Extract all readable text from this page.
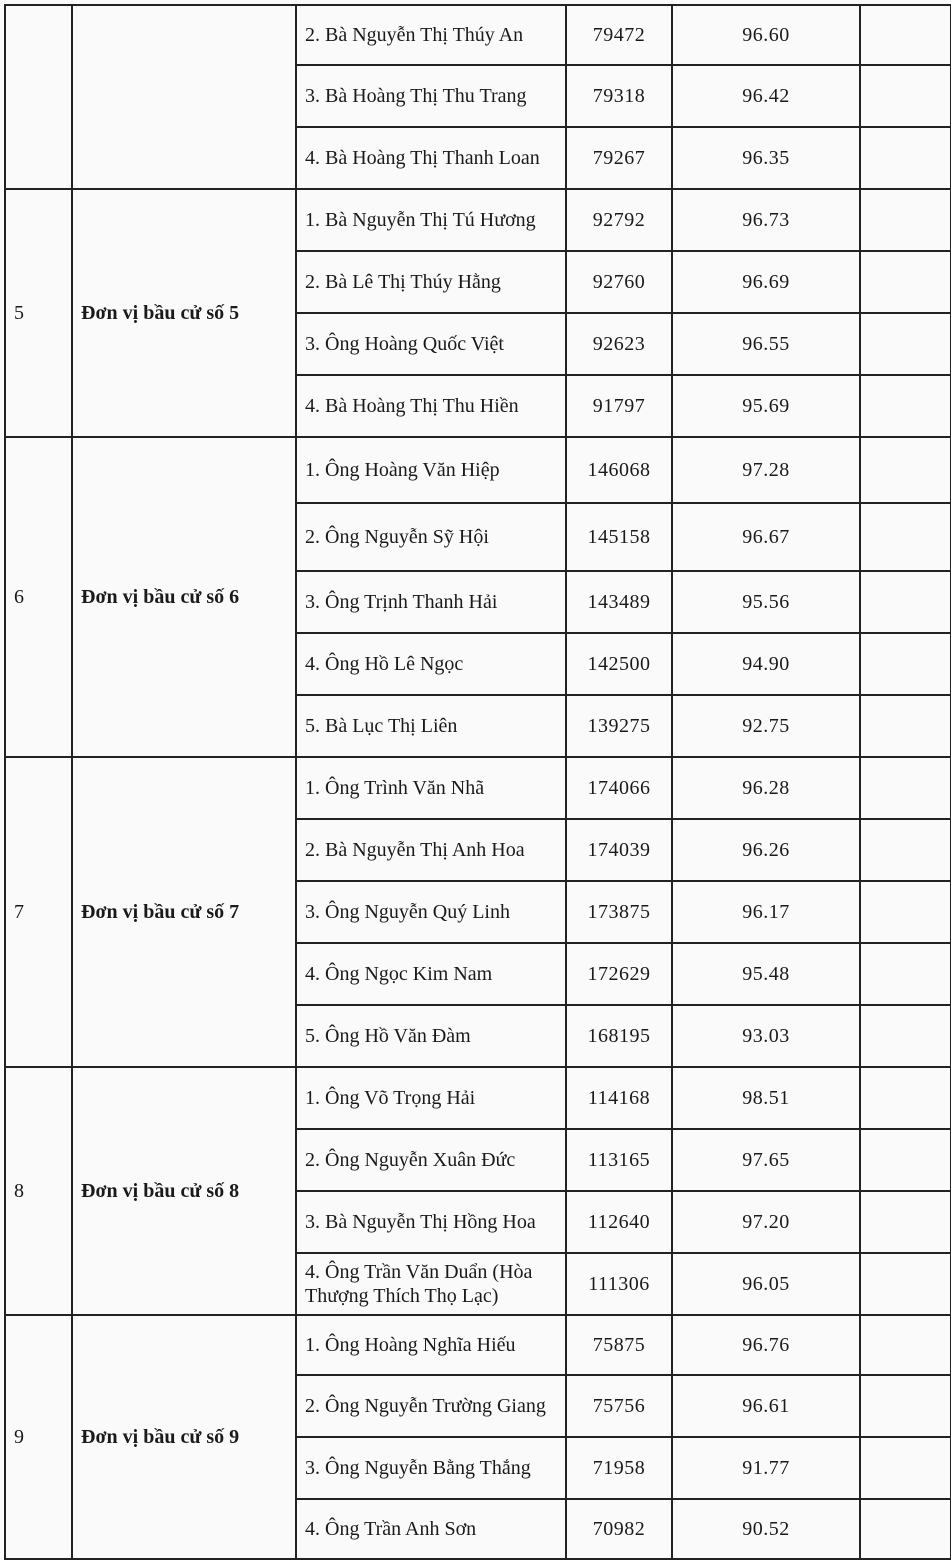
		2. Bà Nguyễn Thị Thúy An	79472	96.60	
		3. Bà Hoàng Thị Thu Trang	79318	96.42	
		4. Bà Hoàng Thị Thanh Loan	79267	96.35	
5	Đơn vị bầu cử số 5	1. Bà Nguyễn Thị Tú Hương	92792	96.73	
		2. Bà Lê Thị Thúy Hằng	92760	96.69	
		3. Ông Hoàng Quốc Việt	92623	96.55	
		4. Bà Hoàng Thị Thu Hiền	91797	95.69	
6	Đơn vị bầu cử số 6	1. Ông Hoàng Văn Hiệp	146068	97.28	
		2. Ông Nguyễn Sỹ Hội	145158	96.67	
		3. Ông Trịnh Thanh Hải	143489	95.56	
		4. Ông Hồ Lê Ngọc	142500	94.90	
		5. Bà Lục Thị Liên	139275	92.75	
7	Đơn vị bầu cử số 7	1. Ông Trình Văn Nhã	174066	96.28	
		2. Bà Nguyễn Thị Anh Hoa	174039	96.26	
		3. Ông Nguyễn Quý Linh	173875	96.17	
		4. Ông Ngọc Kim Nam	172629	95.48	
		5. Ông Hồ Văn Đàm	168195	93.03	
8	Đơn vị bầu cử số 8	1. Ông Võ Trọng Hải	114168	98.51	
		2. Ông Nguyễn Xuân Đức	113165	97.65	
		3. Bà Nguyễn Thị Hồng Hoa	112640	97.20	
		4. Ông Trần Văn Duẩn (Hòa Thượng Thích Thọ Lạc)	111306	96.05	
9	Đơn vị bầu cử số 9	1. Ông Hoàng Nghĩa Hiếu	75875	96.76	
		2. Ông Nguyễn Trường Giang	75756	96.61	
		3. Ông Nguyễn Bằng Thắng	71958	91.77	
		4. Ông Trần Anh Sơn	70982	90.52	
